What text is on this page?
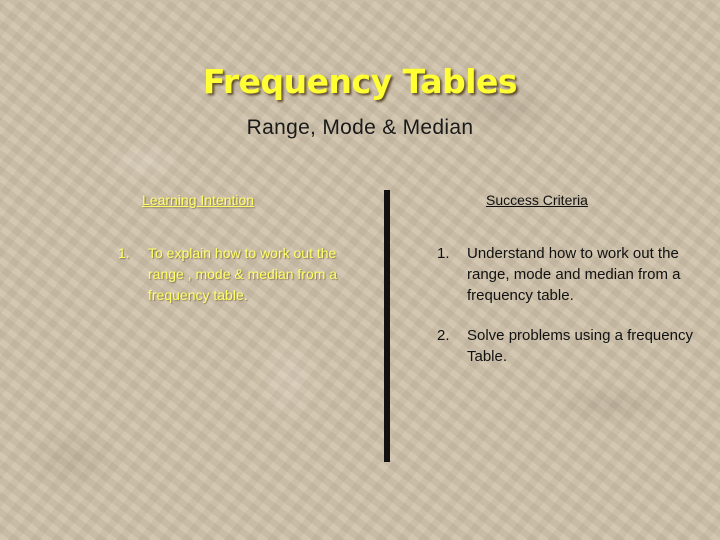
Frequency Tables
Range, Mode & Median
Learning Intention	Success Criteria
1. To explain how to work out the range , mode & median from a frequency table.
1. Understand how to work out the range, mode and median from a frequency table.
2. Solve problems using a frequency Table.
